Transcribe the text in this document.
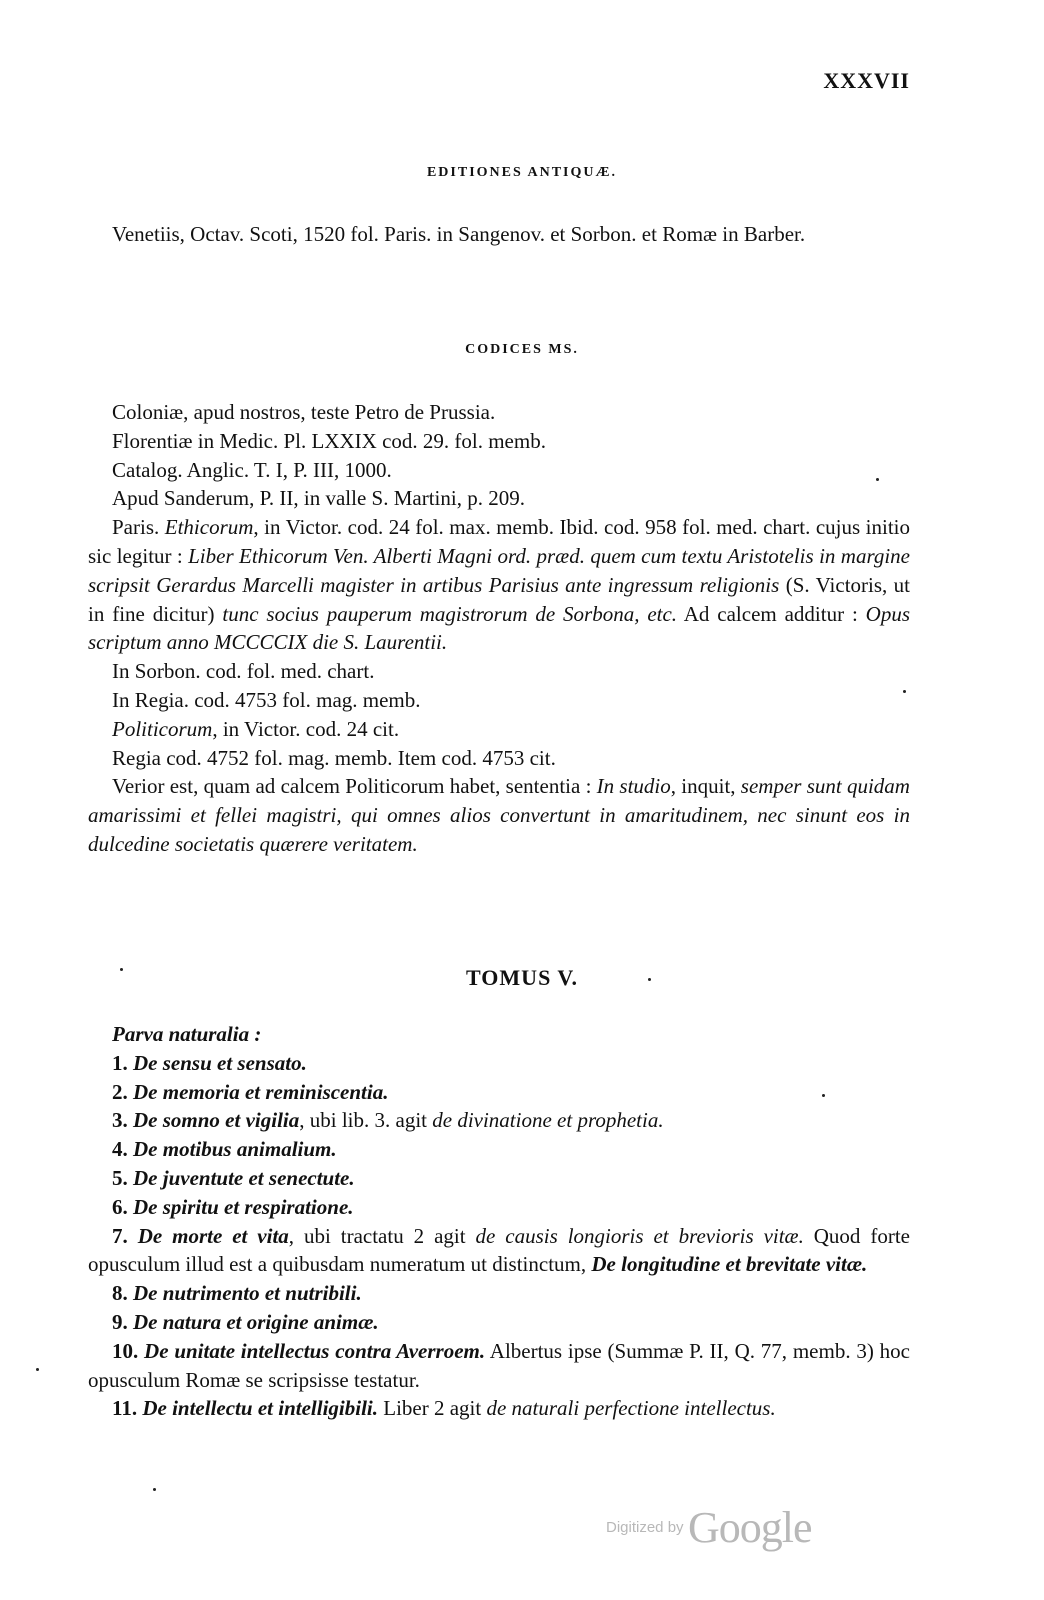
XXXVII
EDITIONES ANTIQUÆ.
Venetiis, Octav. Scoti, 1520 fol. Paris. in Sangenov. et Sorbon. et Romæ in Barber.
CODICES MS.
Coloniæ, apud nostros, teste Petro de Prussia.
Florentiæ in Medic. Pl. LXXIX cod. 29. fol. memb.
Catalog. Anglic. T. I, P. III, 1000.
Apud Sanderum, P. II, in valle S. Martini, p. 209.
Paris. Ethicorum, in Victor. cod. 24 fol. max. memb. Ibid. cod. 958 fol. med. chart. cujus initio sic legitur : Liber Ethicorum Ven. Alberti Magni ord. præd. quem cum textu Aristotelis in margine scripsit Gerardus Marcelli magister in artibus Parisius ante ingressum religionis (S. Victoris, ut in fine dicitur) tunc socius pauperum magistrorum de Sorbona, etc. Ad calcem additur : Opus scriptum anno MCCCCIX die S. Laurentii.
In Sorbon. cod. fol. med. chart.
In Regia. cod. 4753 fol. mag. memb.
Politicorum, in Victor. cod. 24 cit.
Regia cod. 4752 fol. mag. memb. Item cod. 4753 cit.
Verior est, quam ad calcem Politicorum habet, sententia : In studio, inquit, semper sunt quidam amarissimi et fellei magistri, qui omnes alios convertunt in amaritudinem, nec sinunt eos in dulcedine societatis quærere veritatem.
TOMUS V.
Parva naturalia :
1. De sensu et sensato.
2. De memoria et reminiscentia.
3. De somno et vigilia, ubi lib. 3. agit de divinatione et prophetia.
4. De motibus animalium.
5. De juventute et senectute.
6. De spiritu et respiratione.
7. De morte et vita, ubi tractatu 2 agit de causis longioris et brevioris vitæ. Quod forte opusculum illud est a quibusdam numeratum ut distinctum, De longitudine et brevitate vitæ.
8. De nutrimento et nutribili.
9. De natura et origine animæ.
10. De unitate intellectus contra Averroem. Albertus ipse (Summæ P. II, Q. 77, memb. 3) hoc opusculum Romæ se scripsisse testatur.
11. De intellectu et intelligibili. Liber 2 agit de naturali perfectione intellectus.
Digitized by Google
